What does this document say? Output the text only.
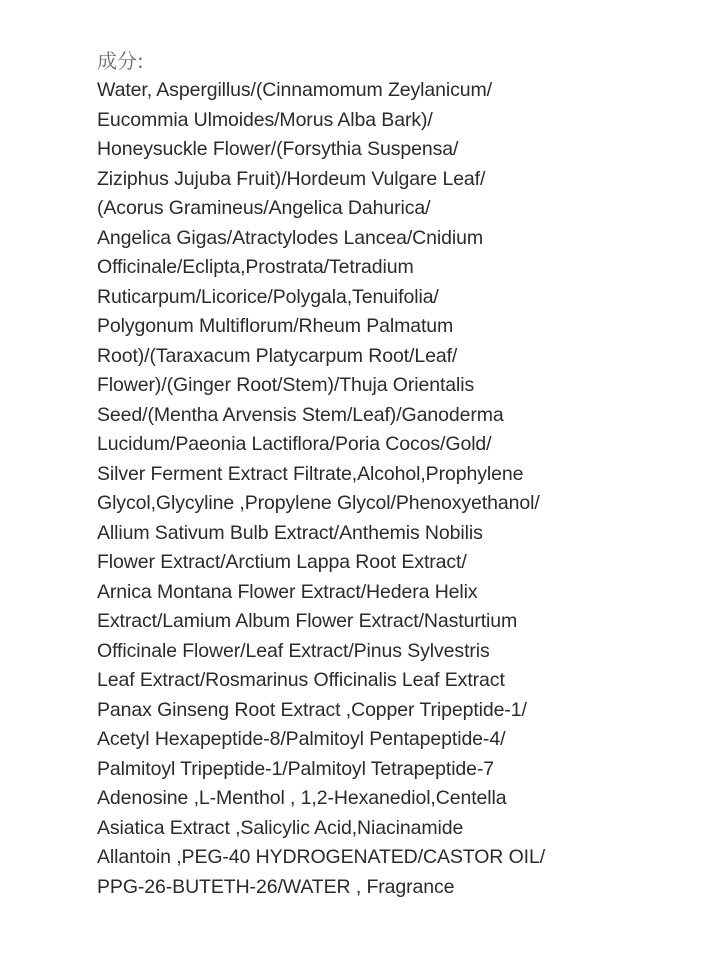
成分:

Water, Aspergillus/(Cinnamomum Zeylanicum/
Eucommia Ulmoides/Morus Alba Bark)/
Honeysuckle Flower/(Forsythia Suspensa/
Ziziphus Jujuba Fruit)/Hordeum Vulgare Leaf/
(Acorus Gramineus/Angelica Dahurica/
Angelica Gigas/Atractylodes Lancea/Cnidium
Officinale/Eclipta,Prostrata/Tetradium
Ruticarpum/Licorice/Polygala,Tenuifolia/
Polygonum Multiflorum/Rheum Palmatum
Root)/(Taraxacum Platycarpum Root/Leaf/
Flower)/(Ginger Root/Stem)/Thuja Orientalis
Seed/(Mentha Arvensis Stem/Leaf)/Ganoderma
Lucidum/Paeonia Lactiflora/Poria Cocos/Gold/
Silver Ferment Extract Filtrate,Alcohol,Prophylene
Glycol,Glycyline ,Propylene Glycol/Phenoxyethanol/
Allium Sativum Bulb Extract/Anthemis Nobilis
Flower Extract/Arctium Lappa Root Extract/
Arnica Montana Flower Extract/Hedera Helix
Extract/Lamium Album Flower Extract/Nasturtium
Officinale Flower/Leaf Extract/Pinus Sylvestris
Leaf Extract/Rosmarinus Officinalis Leaf Extract
Panax Ginseng Root Extract ,Copper Tripeptide-1/
Acetyl Hexapeptide-8/Palmitoyl Pentapeptide-4/
Palmitoyl Tripeptide-1/Palmitoyl Tetrapeptide-7
Adenosine ,L-Menthol , 1,2-Hexanediol,Centella
Asiatica Extract ,Salicylic Acid,Niacinamide
Allantoin ,PEG-40 HYDROGENATED/CASTOR OIL/
PPG-26-BUTETH-26/WATER , Fragrance
